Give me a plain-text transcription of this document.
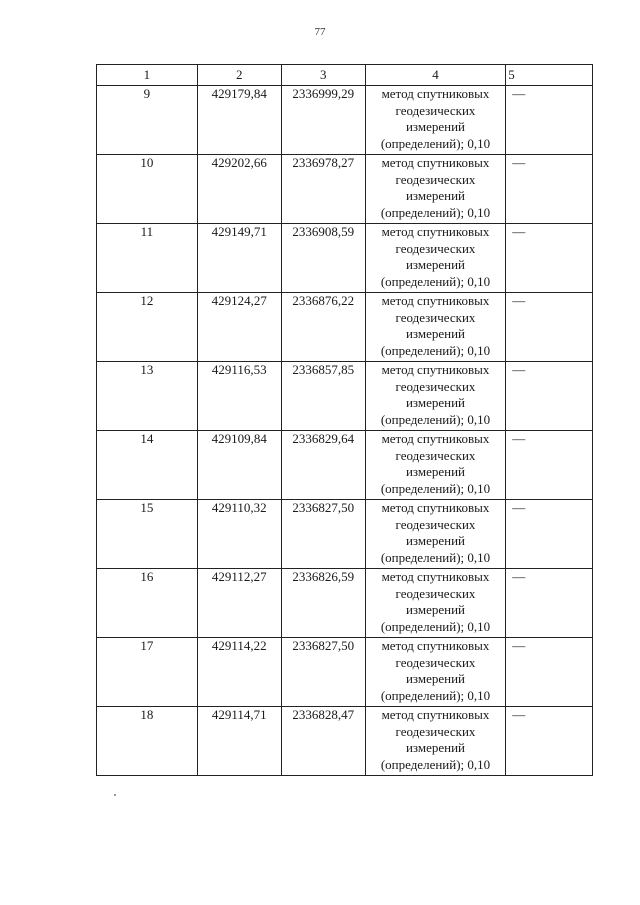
77
1	2	3	4	5
9	429179,84	2336999,29	метод спутниковых геодезических измерений (определений); 0,10	—
10	429202,66	2336978,27	метод спутниковых геодезических измерений (определений); 0,10	—
11	429149,71	2336908,59	метод спутниковых геодезических измерений (определений); 0,10	—
12	429124,27	2336876,22	метод спутниковых геодезических измерений (определений); 0,10	—
13	429116,53	2336857,85	метод спутниковых геодезических измерений (определений); 0,10	—
14	429109,84	2336829,64	метод спутниковых геодезических измерений (определений); 0,10	—
15	429110,32	2336827,50	метод спутниковых геодезических измерений (определений); 0,10	—
16	429112,27	2336826,59	метод спутниковых геодезических измерений (определений); 0,10	—
17	429114,22	2336827,50	метод спутниковых геодезических измерений (определений); 0,10	—
18	429114,71	2336828,47	метод спутниковых геодезических измерений (определений); 0,10	—
